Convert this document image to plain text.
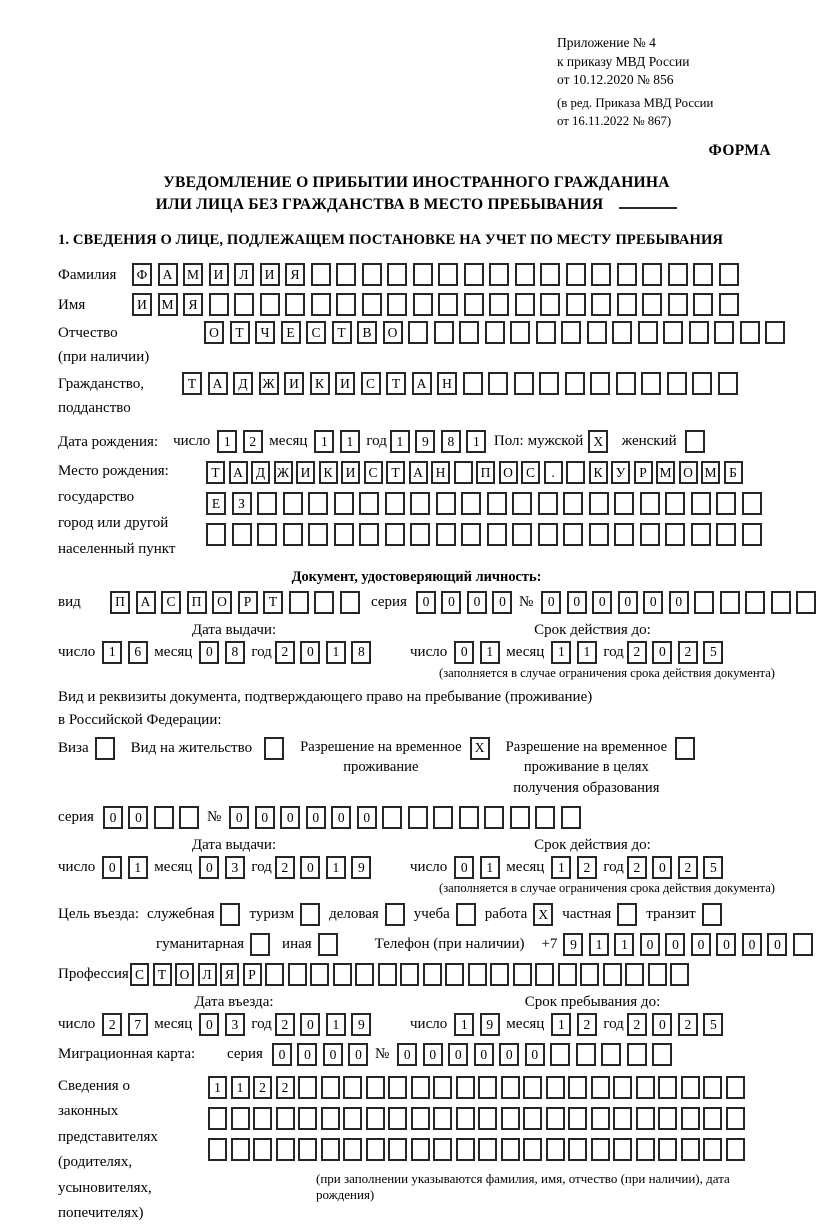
Приложение № 4
к приказу МВД России
от 10.12.2020 № 856
(в ред. Приказа МВД России
от 16.11.2022 № 867)
ФОРМА
УВЕДОМЛЕНИЕ О ПРИБЫТИИ ИНОСТРАННОГО ГРАЖДАНИНА
ИЛИ ЛИЦА БЕЗ ГРАЖДАНСТВА В МЕСТО ПРЕБЫВАНИЯ
1. СВЕДЕНИЯ О ЛИЦЕ, ПОДЛЕЖАЩЕМ ПОСТАНОВКЕ НА УЧЕТ ПО МЕСТУ ПРЕБЫВАНИЯ
Фамилия	Ф	А	М	И	Л	И	Я
Имя	И	М	Я
Отчество
(при наличии)
О	Т	Ч	Е	С	Т	В	О
Гражданство,
подданство
Т	А	Д	Ж	И	К	И	С	Т	А	Н
Дата рождения: число	1	2 месяц	1	1 год 1	9	8	1 Пол: мужской X	женский
Место рождения:
государство
город или другой
населенный пункт
Т	А Д Ж И К И С	Т	А Н	П О С	.	К У	Р М О М Б
Е	З
Документ, удостоверяющий личность:
вид	П	А	С	П	О	Р	Т	серия	0	0	0	0 №	0	0	0	0	0	0
Дата выдачи:
число	1	6 месяц	0	8 год 2	0	1	8
Срок действия до:
число	0	1 месяц	1	1 год 2	0	2	5
(заполняется в случае ограничения срока действия документа)
Вид и реквизиты документа, подтверждающего право на пребывание (проживание)
в Российской Федерации:
Виза	Вид на жительство	Разрешение на временное
проживание
X	Разрешение на временное
проживание в целях
получения образования
серия	0	0	№	0	0	0	0	0	0
Дата выдачи:
число	0	1 месяц	0	3 год 2	0	1	9
Срок действия до:
число	0	1 месяц	1	2 год 2	0	2	5
(заполняется в случае ограничения срока действия документа)
Цель въезда: служебная туризм деловая учеба работа X частная транзит
гуманитарная	иная	Телефон (при наличии) +7 9	1	1	0	0	0	0	0	0
Профессия С	Т	О Л Я	Р
Дата въезда:
число	2	7 месяц	0	3 год 2	0	1	9
Срок пребывания до:
число	1	9 месяц	1	2 год 2	0	2	5
Миграционная карта:	серия	0	0	0	0 №	0	0	0	0	0	0
Сведения о
законных
представителях
(родителях,
усыновителях,
попечителях)
1	1	2	2
(при заполнении указываются фамилия, имя, отчество (при наличии), дата рождения)
